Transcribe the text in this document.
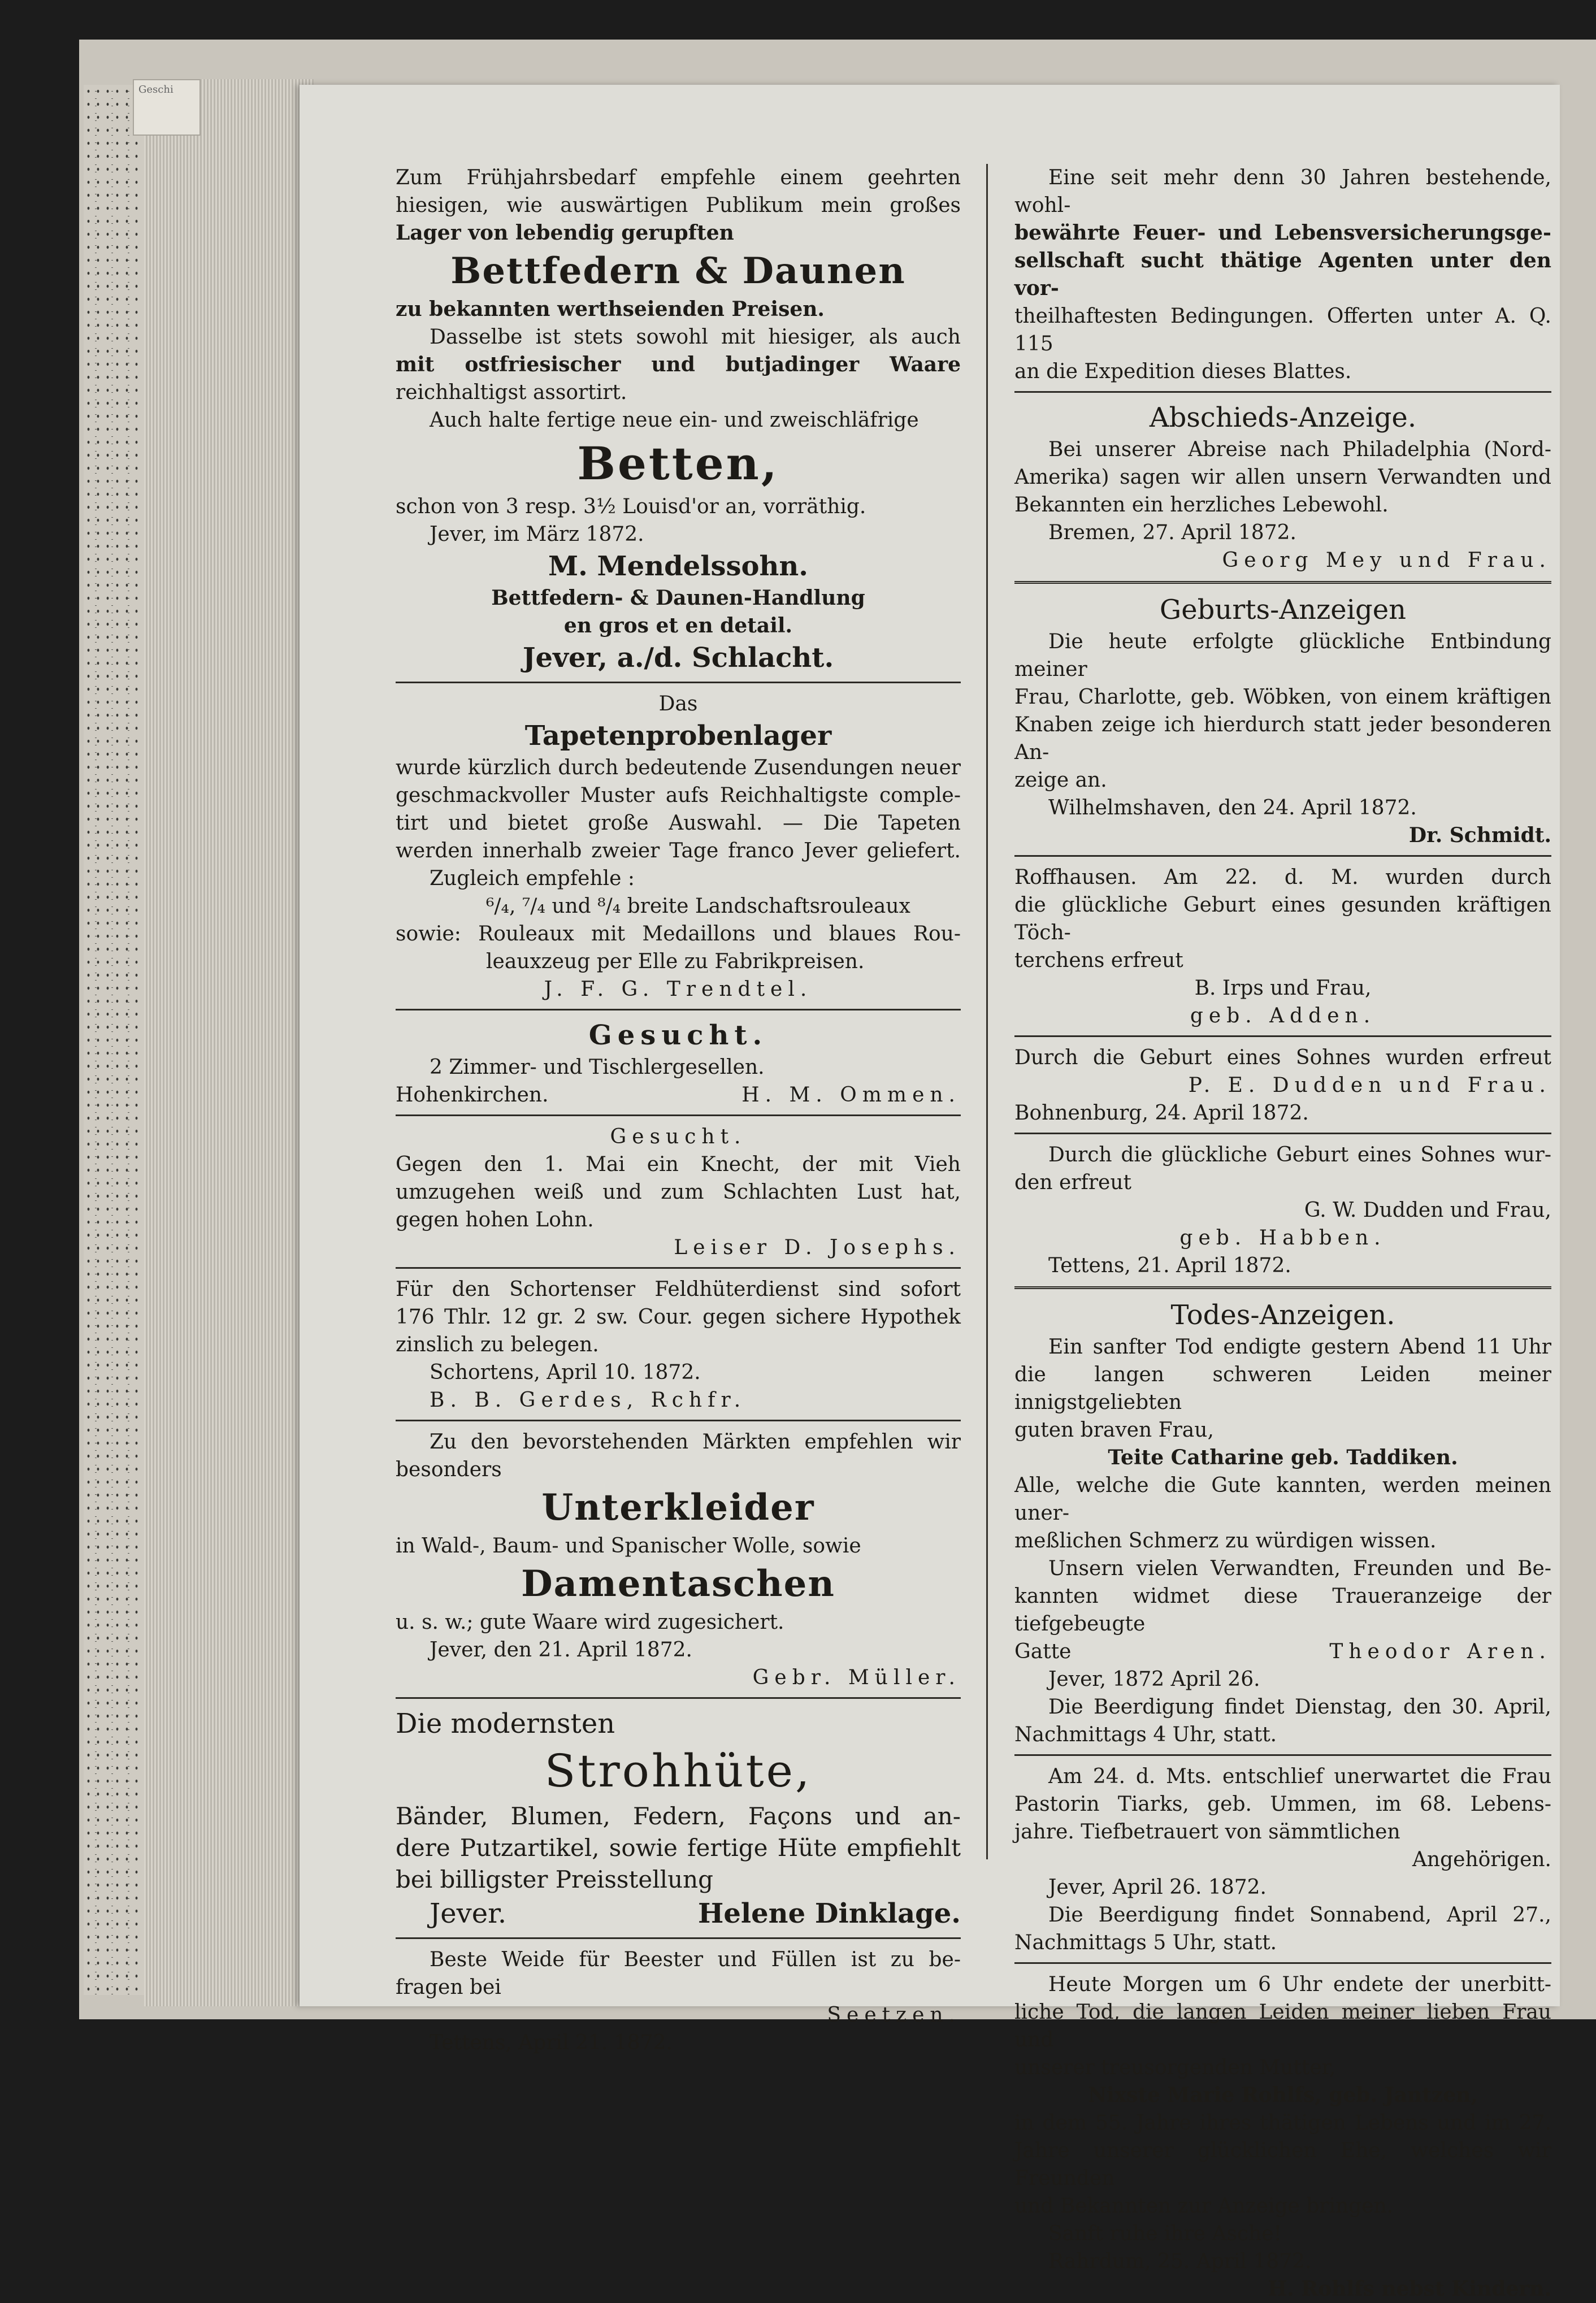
Geschi

Zum Frühjahrsbedarf empfehle einem geehrten

hiesigen, wie auswärtigen Publikum mein großes

Lager von lebendig gerupften

Bettfedern & Daunen

zu bekannten werthseienden Preisen.

Dasselbe ist stets sowohl mit hiesiger, als auch

mit ostfriesischer und butjadinger Waare

reichhaltigst assortirt.

Auch halte fertige neue ein- und zweischläfrige

Betten,

schon von 3 resp. 3½ Louisd'or an, vorräthig.

Jever, im März 1872.

M. Mendelssohn.

Bettfedern- & Daunen-Handlung

en gros et en detail.

Jever, a./d. Schlacht.

Das

Tapetenprobenlager

wurde kürzlich durch bedeutende Zusendungen neuer

geschmackvoller Muster aufs Reichhaltigste comple-

tirt und bietet große Auswahl. — Die Tapeten

werden innerhalb zweier Tage franco Jever geliefert.

Zugleich empfehle :

⁶/₄, ⁷/₄ und ⁸/₄ breite Landschaftsrouleaux

sowie: Rouleaux mit Medaillons und blaues Rou-

leauxzeug per Elle zu Fabrikpreisen.

J. F. G. Trendtel.

Gesucht.

2 Zimmer- und Tischlergesellen.

Hohenkirchen.	H. M. Ommen.

Gesucht.

Gegen den 1. Mai ein Knecht, der mit Vieh

umzugehen weiß und zum Schlachten Lust hat,

gegen hohen Lohn.

Leiser D. Josephs.

Für den Schortenser Feldhüterdienst sind sofort

176 Thlr. 12 gr. 2 sw. Cour. gegen sichere Hypothek

zinslich zu belegen.

Schortens, April 10. 1872.

B. B. Gerdes, Rchfr.

Zu den bevorstehenden Märkten empfehlen wir

besonders

Unterkleider

in Wald-, Baum- und Spanischer Wolle, sowie

Damentaschen

u. s. w.; gute Waare wird zugesichert.

Jever, den 21. April 1872.

Gebr. Müller.

Die modernsten

Strohhüte,

Bänder, Blumen, Federn, Façons und an-

dere Putzartikel, sowie fertige Hüte empfiehlt

bei billigster Preisstellung

Jever.	Helene Dinklage.

Beste Weide für Beester und Füllen ist zu be-

fragen bei

Seetzen.

Tettens, April 21. 1872.

Eine seit mehr denn 30 Jahren bestehende, wohl-

bewährte Feuer- und Lebensversicherungsge-

sellschaft sucht thätige Agenten unter den vor-

theilhaftesten Bedingungen. Offerten unter A. Q. 115

an die Expedition dieses Blattes.

Abschieds-Anzeige.

Bei unserer Abreise nach Philadelphia (Nord-

Amerika) sagen wir allen unsern Verwandten und

Bekannten ein herzliches Lebewohl.

Bremen, 27. April 1872.

Georg Mey und Frau.

Geburts-Anzeigen

Die heute erfolgte glückliche Entbindung meiner

Frau, Charlotte, geb. Wöbken, von einem kräftigen

Knaben zeige ich hierdurch statt jeder besonderen An-

zeige an.

Wilhelmshaven, den 24. April 1872.

Dr. Schmidt.

Roffhausen. Am 22. d. M. wurden durch

die glückliche Geburt eines gesunden kräftigen Töch-

terchens erfreut

B. Irps und Frau,

geb. Adden.

Durch die Geburt eines Sohnes wurden erfreut

P. E. Dudden und Frau.

Bohnenburg, 24. April 1872.

Durch die glückliche Geburt eines Sohnes wur-

den erfreut

G. W. Dudden und Frau,

geb. Habben.

Tettens, 21. April 1872.

Todes-Anzeigen.

Ein sanfter Tod endigte gestern Abend 11 Uhr

die langen schweren Leiden meiner innigstgeliebten

guten braven Frau,

Teite Catharine geb. Taddiken.

Alle, welche die Gute kannten, werden meinen uner-

meßlichen Schmerz zu würdigen wissen.

Unsern vielen Verwandten, Freunden und Be-

kannten widmet diese Traueranzeige der tiefgebeugte

Gatte	Theodor Aren.

Jever, 1872 April 26.

Die Beerdigung findet Dienstag, den 30. April,

Nachmittags 4 Uhr, statt.

Am 24. d. Mts. entschlief unerwartet die Frau

Pastorin Tiarks, geb. Ummen, im 68. Lebens-

jahre. Tiefbetrauert von sämmtlichen

Angehörigen.

Jever, April 26. 1872.

Die Beerdigung findet Sonnabend, April 27.,

Nachmittags 5 Uhr, statt.

Heute Morgen um 6 Uhr endete der unerbitt-

liche Tod, die langen Leiden meiner lieben Frau und

unserer treusorgenden Mutter,

Nixste Marie Rohlfs, geb. Jantzen,

in dem 55. Jahre ihres thätigen Lebens und im 27.

Jahre unserer glücklichen Ehe, welches wir Freunden

und Bekannten zur Anzeige bringen.

Sanft ruhe ihre Asche!

Rahrdum, 25. April 1872.

H. Rohlfs nebst Kindern.
